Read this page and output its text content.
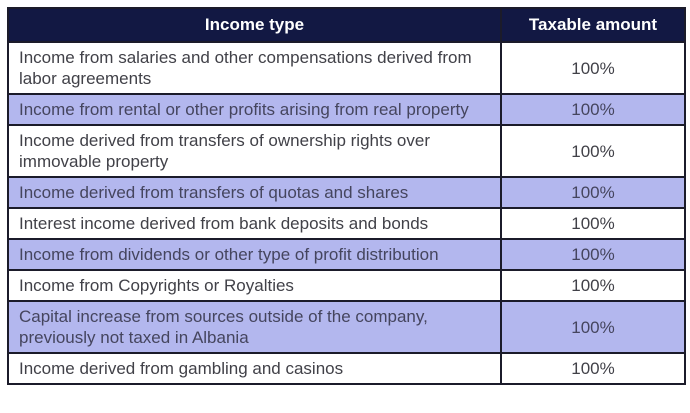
Income type	Taxable amount
Income from salaries and other compensations derived from labor agreements	100%
Income from rental or other profits arising from real property	100%
Income derived from transfers of ownership rights over immovable property	100%
Income derived from transfers of quotas and shares	100%
Interest income derived from bank deposits and bonds	100%
Income from dividends or other type of profit distribution	100%
Income from Copyrights or Royalties	100%
Capital increase from sources outside of the company, previously not taxed in Albania	100%
Income derived from gambling and casinos	100%
